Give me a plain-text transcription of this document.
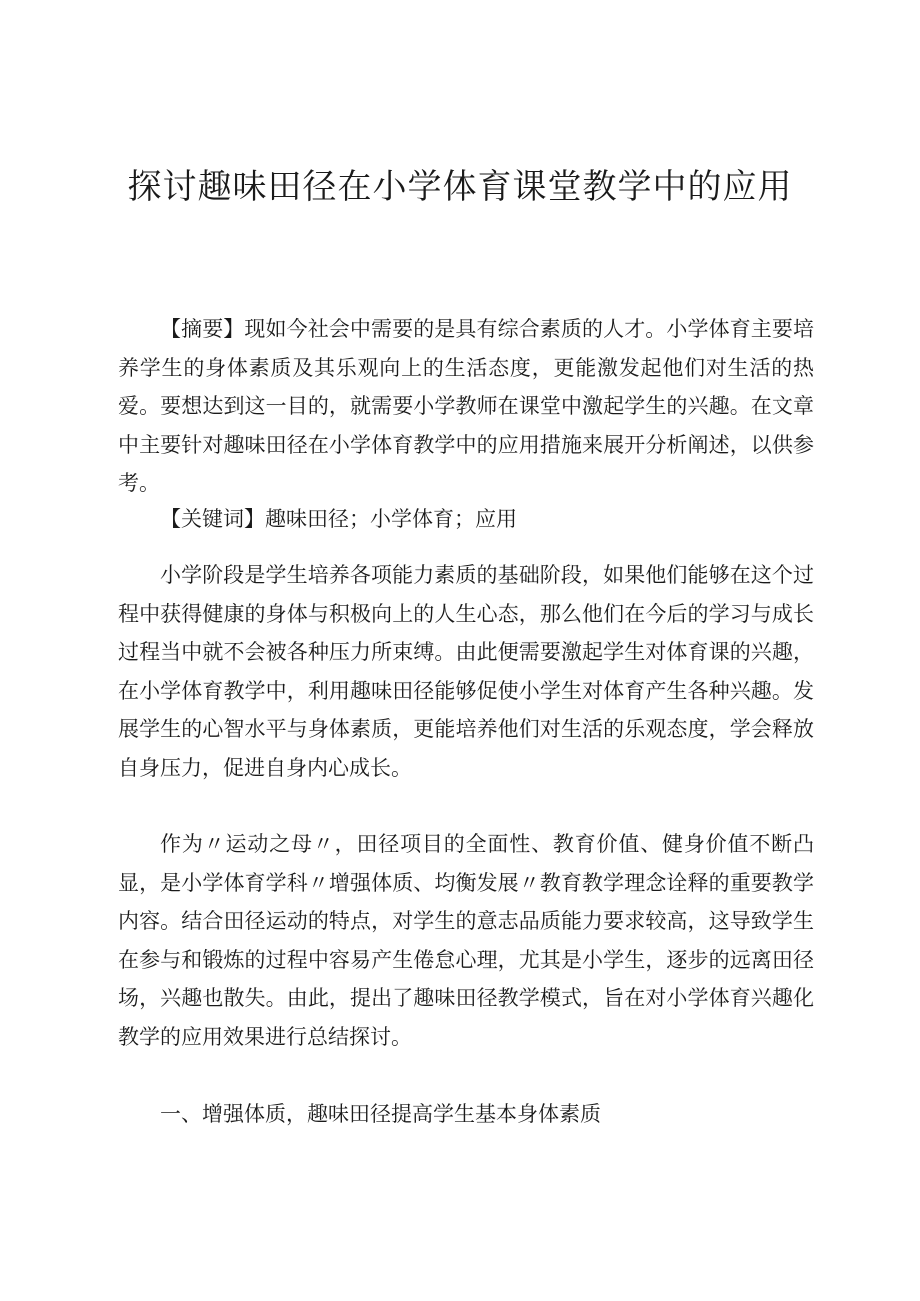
探讨趣味田径在小学体育课堂教学中的应用

【摘要】现如今社会中需要的是具有综合素质的人才。小学体育主要培养学生的身体素质及其乐观向上的生活态度，更能激发起他们对生活的热爱。要想达到这一目的，就需要小学教师在课堂中激起学生的兴趣。在文章中主要针对趣味田径在小学体育教学中的应用措施来展开分析阐述，以供参考。

【关键词】趣味田径；小学体育；应用

小学阶段是学生培养各项能力素质的基础阶段，如果他们能够在这个过程中获得健康的身体与积极向上的人生心态，那么他们在今后的学习与成长过程当中就不会被各种压力所束缚。由此便需要激起学生对体育课的兴趣，在小学体育教学中，利用趣味田径能够促使小学生对体育产生各种兴趣。发展学生的心智水平与身体素质，更能培养他们对生活的乐观态度，学会释放自身压力，促进自身内心成长。

作为〃运动之母〃，田径项目的全面性、教育价值、健身价值不断凸显，是小学体育学科〃增强体质、均衡发展〃教育教学理念诠释的重要教学内容。结合田径运动的特点，对学生的意志品质能力要求较高，这导致学生在参与和锻炼的过程中容易产生倦怠心理，尤其是小学生，逐步的远离田径场，兴趣也散失。由此，提出了趣味田径教学模式，旨在对小学体育兴趣化教学的应用效果进行总结探讨。

一、增强体质，趣味田径提高学生基本身体素质
